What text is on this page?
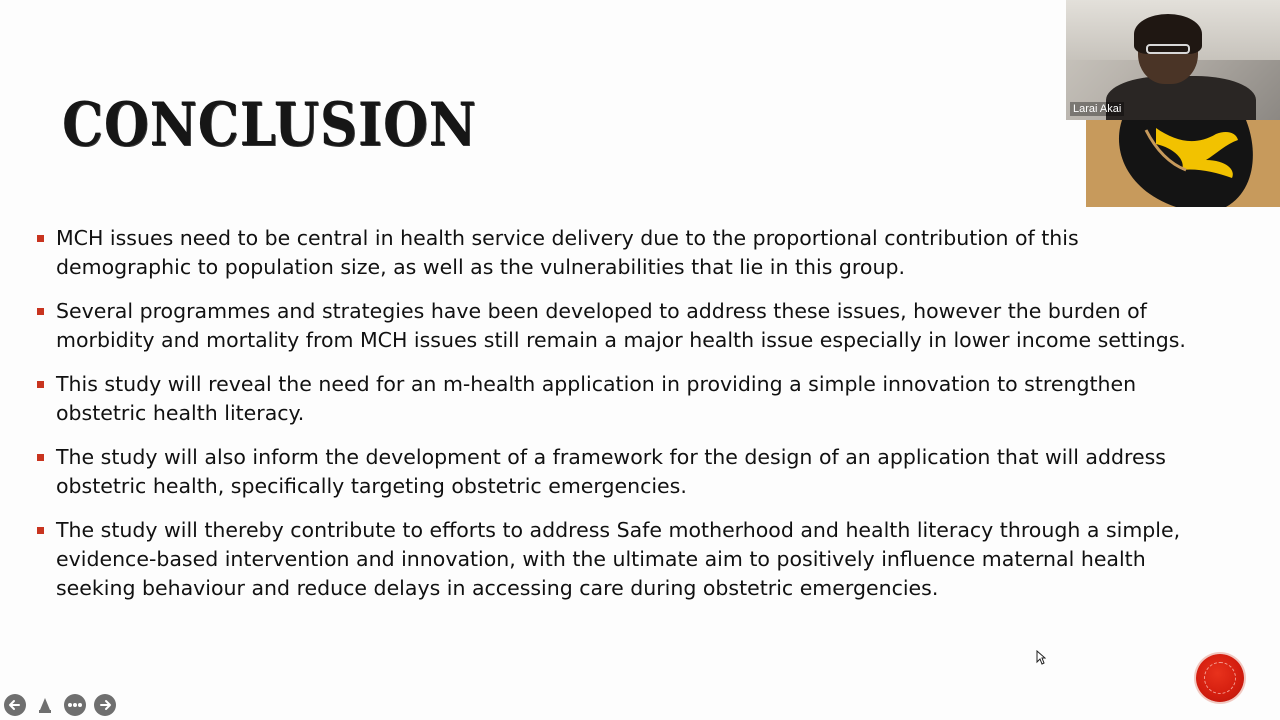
CONCLUSION
MCH issues need to be central in health service delivery due to the proportional contribution of this demographic to population size, as well as the vulnerabilities that lie in this group.
Several programmes and strategies have been developed to address these issues, however the burden of morbidity and mortality from MCH issues still remain a major health issue especially in lower income settings.
This study will reveal the need for an m-health application in providing a simple innovation to strengthen obstetric health literacy.
The study will also inform the development of a framework for the design of an application that will address obstetric health, specifically targeting obstetric emergencies.
The study will thereby contribute to efforts to address Safe motherhood and health literacy through a simple, evidence-based intervention and innovation, with the ultimate aim to positively influence maternal health seeking behaviour and reduce delays in accessing care during obstetric emergencies.
Larai Akai
